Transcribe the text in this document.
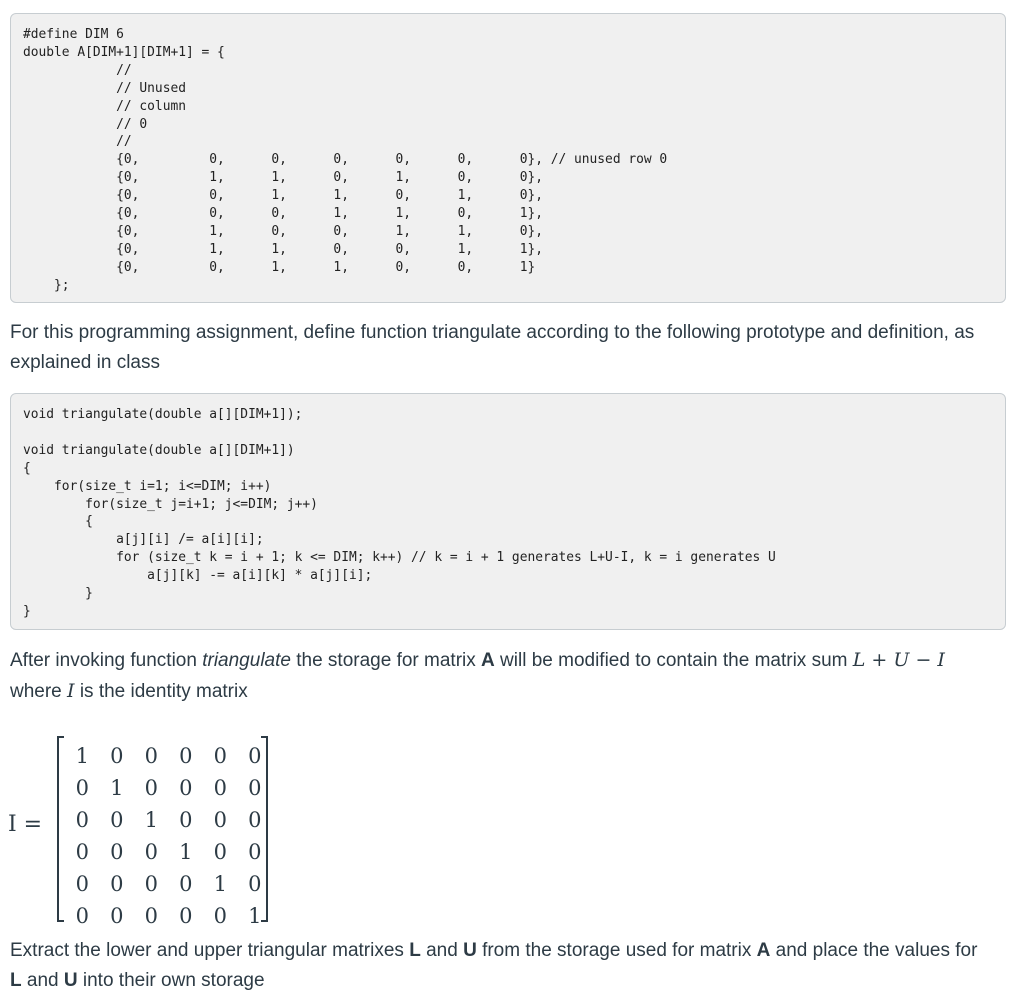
#define DIM 6
double A[DIM+1][DIM+1] = {
//
// Unused
// column
// 0
//
{0,         0,      0,      0,      0,      0,      0}, // unused row 0
{0,         1,      1,      0,      1,      0,      0},
{0,         0,      1,      1,      0,      1,      0},
{0,         0,      0,      1,      1,      0,      1},
{0,         1,      0,      0,      1,      1,      0},
{0,         1,      1,      0,      0,      1,      1},
{0,         0,      1,      1,      0,      0,      1}
};

For this programming assignment, define function triangulate according to the following prototype and definition, as explained in class

void triangulate(double a[][DIM+1]);

void triangulate(double a[][DIM+1])
{
for(size_t i=1; i<=DIM; i++)
for(size_t j=i+1; j<=DIM; j++)
{
a[j][i] /= a[i][i];
for (size_t k = i + 1; k <= DIM; k++) // k = i + 1 generates L+U-I, k = i generates U
a[j][k] -= a[i][k] * a[j][i];
}
}

After invoking function triangulate the storage for matrix A will be modified to contain the matrix sum L + U − I
where I is the identity matrix

I =
1	0	0	0	0	0
0	1	0	0	0	0
0	0	1	0	0	0
0	0	0	1	0	0
0	0	0	0	1	0
0	0	0	0	0	1

Extract the lower and upper triangular matrixes L and U from the storage used for matrix A and place the values for
L and U into their own storage
